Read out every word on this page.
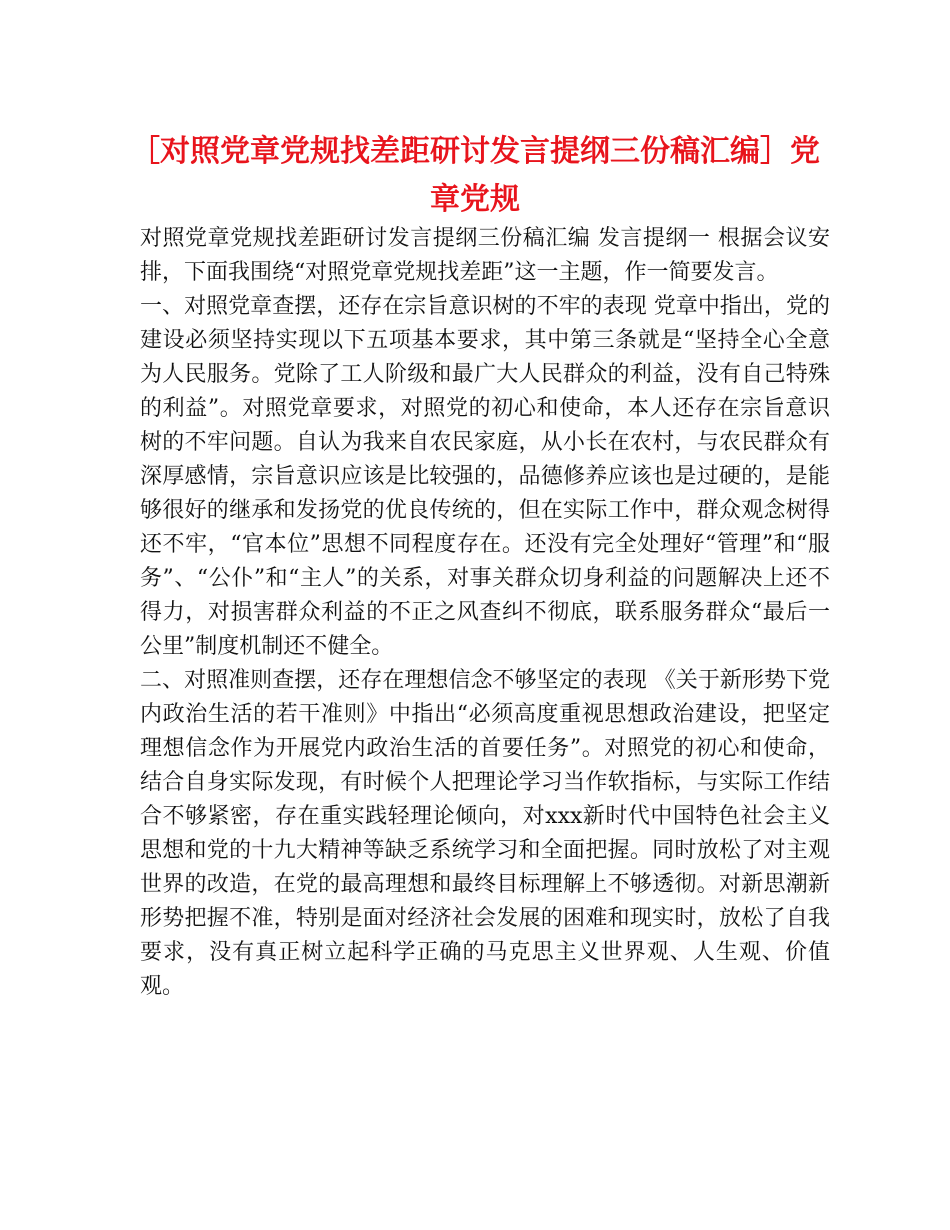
［对照党章党规找差距研讨发言提纲三份稿汇编］党章党规

对照党章党规找差距研讨发言提纲三份稿汇编 发言提纲一 根据会议安排，下面我围绕“对照党章党规找差距”这一主题，作一简要发言。

一、对照党章查摆，还存在宗旨意识树的不牢的表现 党章中指出，党的建设必须坚持实现以下五项基本要求，其中第三条就是“坚持全心全意为人民服务。党除了工人阶级和最广大人民群众的利益，没有自己特殊的利益”。对照党章要求，对照党的初心和使命，本人还存在宗旨意识树的不牢问题。自认为我来自农民家庭，从小长在农村，与农民群众有深厚感情，宗旨意识应该是比较强的，品德修养应该也是过硬的，是能够很好的继承和发扬党的优良传统的，但在实际工作中，群众观念树得还不牢，“官本位”思想不同程度存在。还没有完全处理好“管理”和“服务”、“公仆”和“主人”的关系，对事关群众切身利益的问题解决上还不得力，对损害群众利益的不正之风查纠不彻底，联系服务群众“最后一公里”制度机制还不健全。

二、对照准则查摆，还存在理想信念不够坚定的表现 《关于新形势下党内政治生活的若干准则》中指出“必须高度重视思想政治建设，把坚定理想信念作为开展党内政治生活的首要任务”。对照党的初心和使命，结合自身实际发现，有时候个人把理论学习当作软指标，与实际工作结合不够紧密，存在重实践轻理论倾向，对xxx新时代中国特色社会主义思想和党的十九大精神等缺乏系统学习和全面把握。同时放松了对主观世界的改造，在党的最高理想和最终目标理解上不够透彻。对新思潮新形势把握不准，特别是面对经济社会发展的困难和现实时，放松了自我要求，没有真正树立起科学正确的马克思主义世界观、人生观、价值观。
